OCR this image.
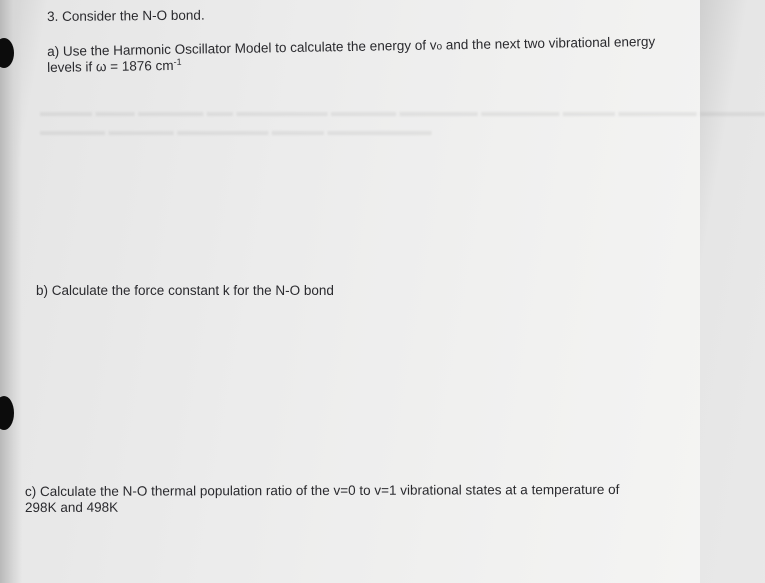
▬▬▬▬ ▬▬▬ ▬▬▬▬▬ ▬▬ ▬▬▬▬▬▬▬ ▬▬▬▬▬ ▬▬▬▬▬▬ ▬▬▬▬▬▬ ▬▬▬▬ ▬▬▬▬▬▬ ▬▬▬▬▬
▬▬▬▬▬ ▬▬▬▬▬ ▬▬▬▬▬▬▬ ▬▬▬▬ ▬▬▬▬▬▬▬▬
3. Consider the N-O bond.
a) Use the Harmonic Oscillator Model to calculate the energy of vo and the next two vibrational energy
levels if ω = 1876 $cm^{-1}$
b) Calculate the force constant k for the N-O bond
c) Calculate the N-O thermal population ratio of the v=0 to v=1 vibrational states at a temperature of
298K and 498K
